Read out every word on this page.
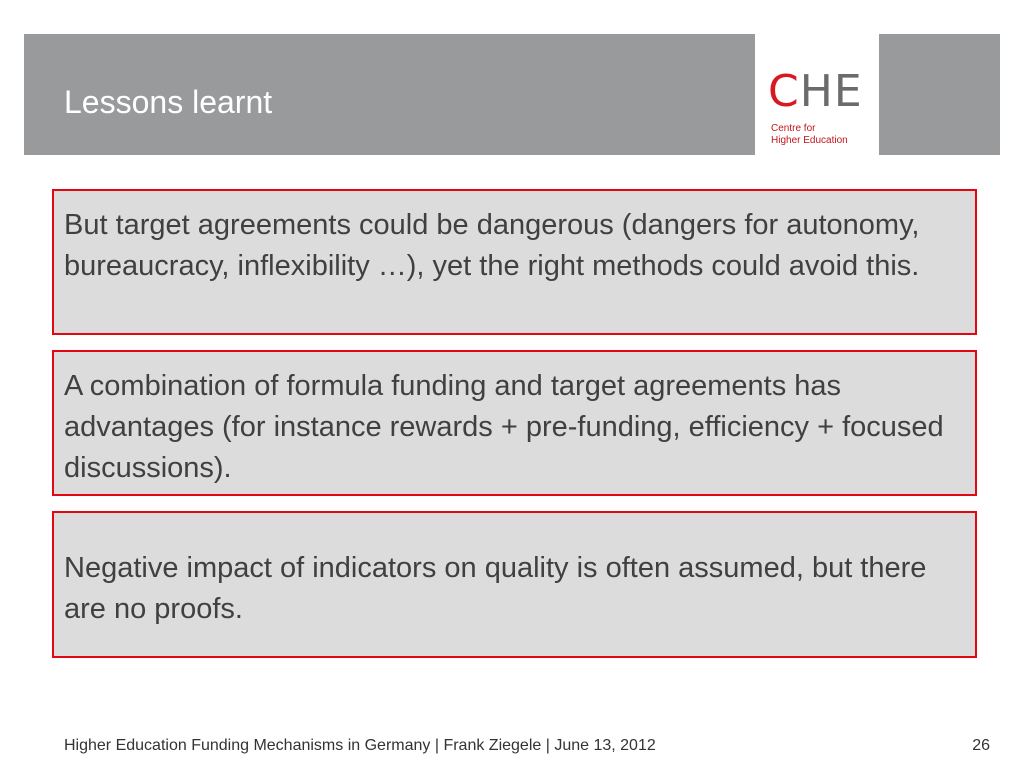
Lessons learnt	CHE
Centre for
Higher Education
But target agreements could be dangerous (dangers for autonomy, bureaucracy, inflexibility …), yet the right methods could avoid this.
A combination of formula funding and target agreements has advantages (for instance rewards + pre-funding, efficiency + focused discussions).
Negative impact of indicators on quality is often assumed, but there are no proofs.
Higher Education Funding Mechanisms in Germany | Frank Ziegele | June 13, 2012	26
